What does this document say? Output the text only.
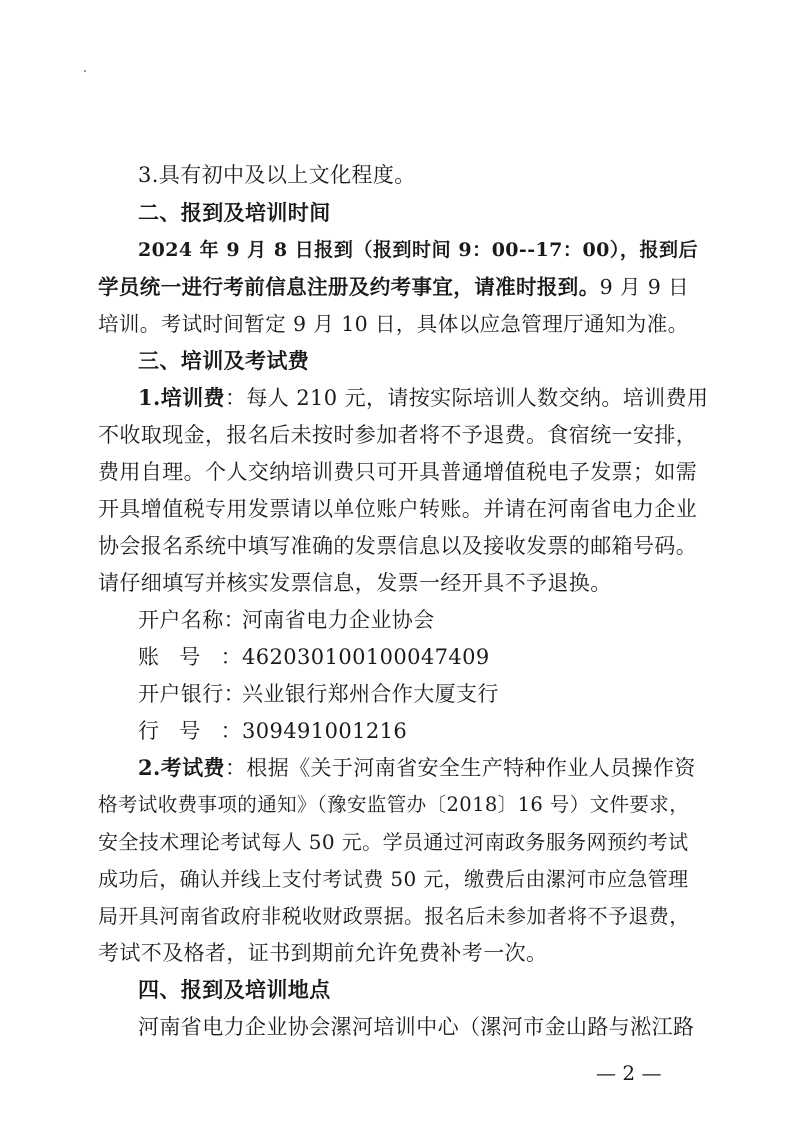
3.具有初中及以上文化程度。
二、报到及培训时间
2024 年 9 月 8 日报到（报到时间 9：00--17：00），报到后
学员统一进行考前信息注册及约考事宜，请准时报到。9 月 9 日
培训。考试时间暂定 9 月 10 日，具体以应急管理厅通知为准。
三、培训及考试费
1.培训费：每人 210 元，请按实际培训人数交纳。培训费用
不收取现金，报名后未按时参加者将不予退费。食宿统一安排，
费用自理。个人交纳培训费只可开具普通增值税电子发票；如需
开具增值税专用发票请以单位账户转账。并请在河南省电力企业
协会报名系统中填写准确的发票信息以及接收发票的邮箱号码。
请仔细填写并核实发票信息，发票一经开具不予退换。
开户名称：河南省电力企业协会
账号：462030100100047409
开户银行：兴业银行郑州合作大厦支行
行号：309491001216
2.考试费：根据《关于河南省安全生产特种作业人员操作资
格考试收费事项的通知》（豫安监管办〔2018〕16 号）文件要求，
安全技术理论考试每人 50 元。学员通过河南政务服务网预约考试
成功后，确认并线上支付考试费 50 元，缴费后由漯河市应急管理
局开具河南省政府非税收财政票据。报名后未参加者将不予退费，
考试不及格者，证书到期前允许免费补考一次。
四、报到及培训地点
河南省电力企业协会漯河培训中心（漯河市金山路与淞江路
— 2 —
